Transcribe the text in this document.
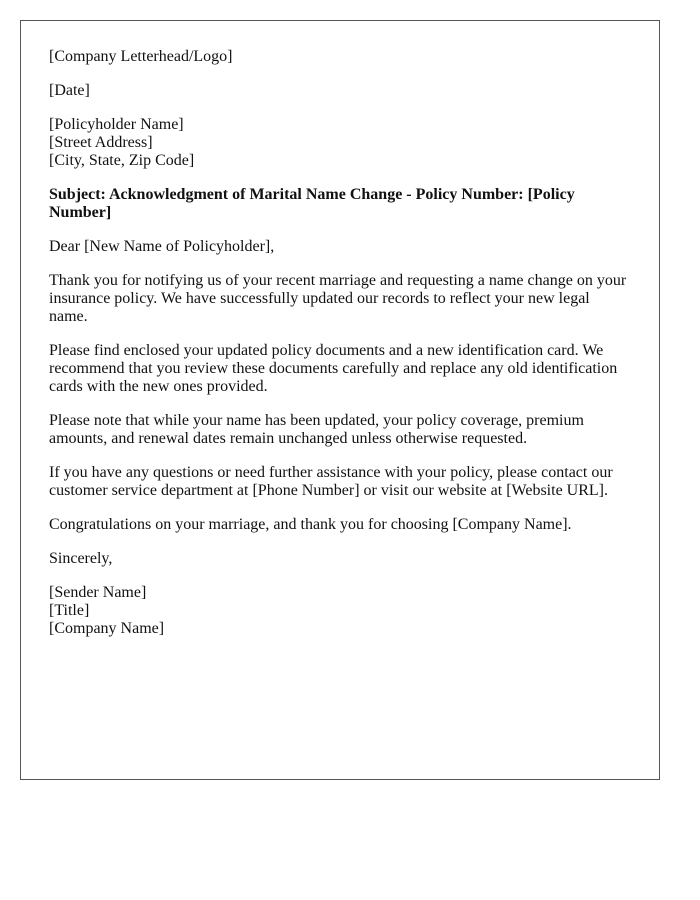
[Company Letterhead/Logo]

[Date]

[Policyholder Name]
[Street Address]
[City, State, Zip Code]

Subject: Acknowledgment of Marital Name Change - Policy Number: [Policy Number]

Dear [New Name of Policyholder],

Thank you for notifying us of your recent marriage and requesting a name change on your insurance policy. We have successfully updated our records to reflect your new legal name.

Please find enclosed your updated policy documents and a new identification card. We recommend that you review these documents carefully and replace any old identification cards with the new ones provided.

Please note that while your name has been updated, your policy coverage, premium amounts, and renewal dates remain unchanged unless otherwise requested.

If you have any questions or need further assistance with your policy, please contact our customer service department at [Phone Number] or visit our website at [Website URL].

Congratulations on your marriage, and thank you for choosing [Company Name].

Sincerely,

[Sender Name]
[Title]
[Company Name]
